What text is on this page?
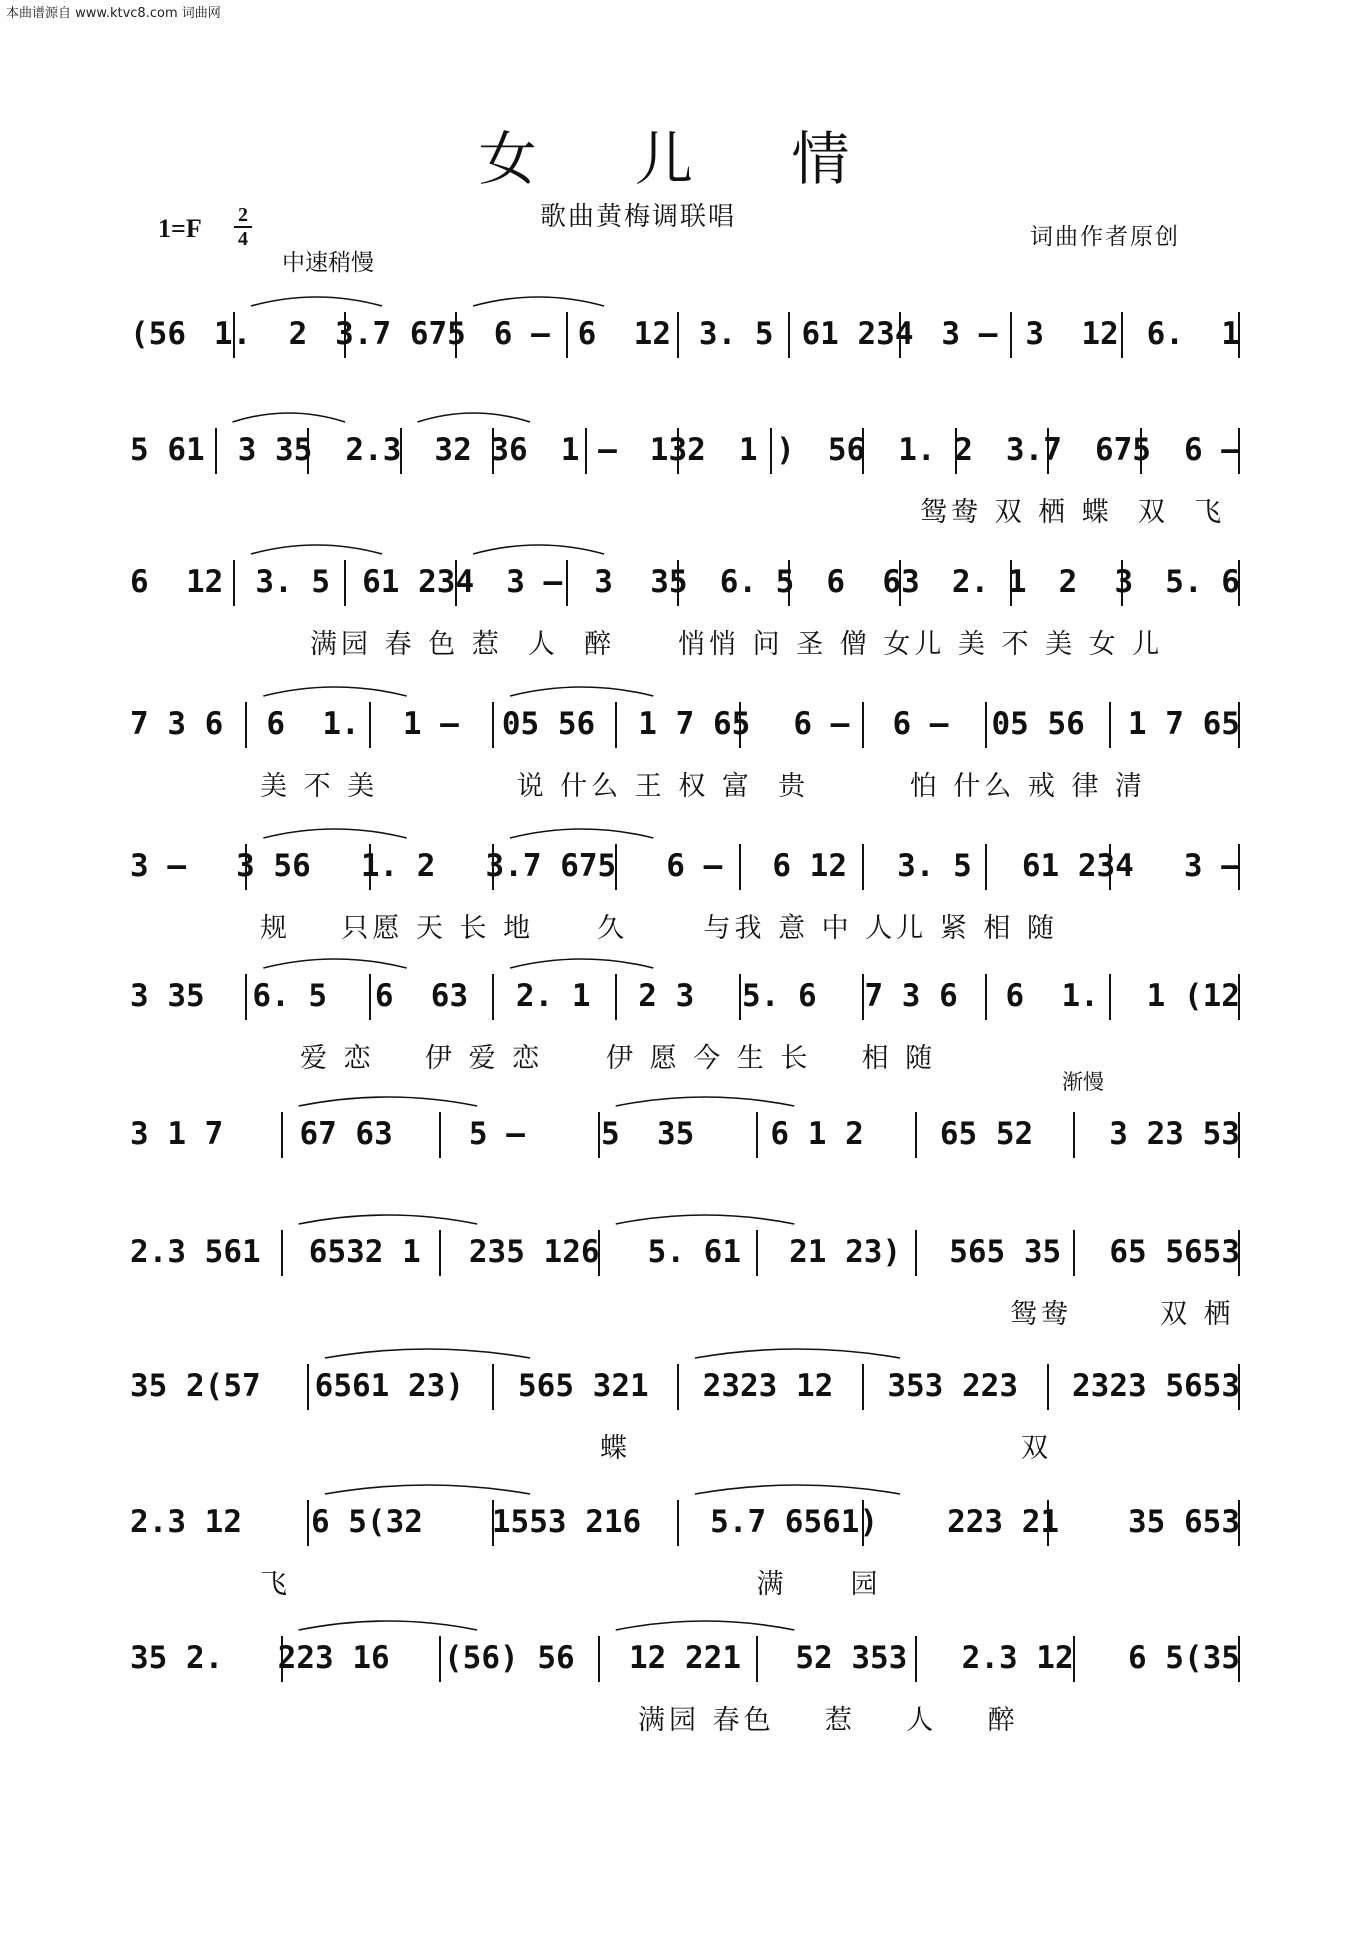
本曲谱源自 www.ktvc8.com 词曲网
女 儿 情
歌曲黄梅调联唱
词曲作者原创
1=F	2
4
中速稍慢
渐慢
(56 1.  2 3.7 675 6 – 6  12 3. 5 61 234 3 – 3  12 6.  1
5 61 3 35 2.3 32 36 1 – 132 1 ) 56 1. 2 3.7 675 6 –
鸳鸯 双 栖 蝶  双  飞
6  12 3. 5 61 234 3 – 3  35 6. 5 6  63 2. 1 2  3 5. 6
满园 春 色 惹  人  醉     悄悄 问 圣 僧 女儿 美 不 美 女 儿
7 3 6 6  1. 1 – 05 56 1 7 65 6 – 6 – 05 56 1 7 65
美 不 美           说 什么 王 权 富  贵        怕 什么 戒 律 清
3 – 3 56 1. 2 3.7 675 6 – 6 12 3. 5 61 234 3 –
规    只愿 天 长 地     久      与我 意 中 人儿 紧 相 随
3 35 6. 5 6  63 2. 1 2 3 5. 6 7 3 6 6  1. 1 (12
爱 恋    伊 爱 恋     伊 愿 今 生 长    相 随
3 1 7 67 63 5 – 5  35 6 1 2 65 52 3 23 53
2.3 561 6532 1 235 126 5. 61 21 23) 565 35 65 5653
鸳鸯       双 栖
35 2(57 6561 23) 565 321 2323 12 353 223 2323 5653
蝶                               双
2.3 12 6 5(32 1553 216 5.7 6561) 223 21 35 653
飞                                     满     园
35 2. 223 16 (56) 56 12 221 52 353 2.3 12 6 5(35
满园 春色    惹    人    醉
